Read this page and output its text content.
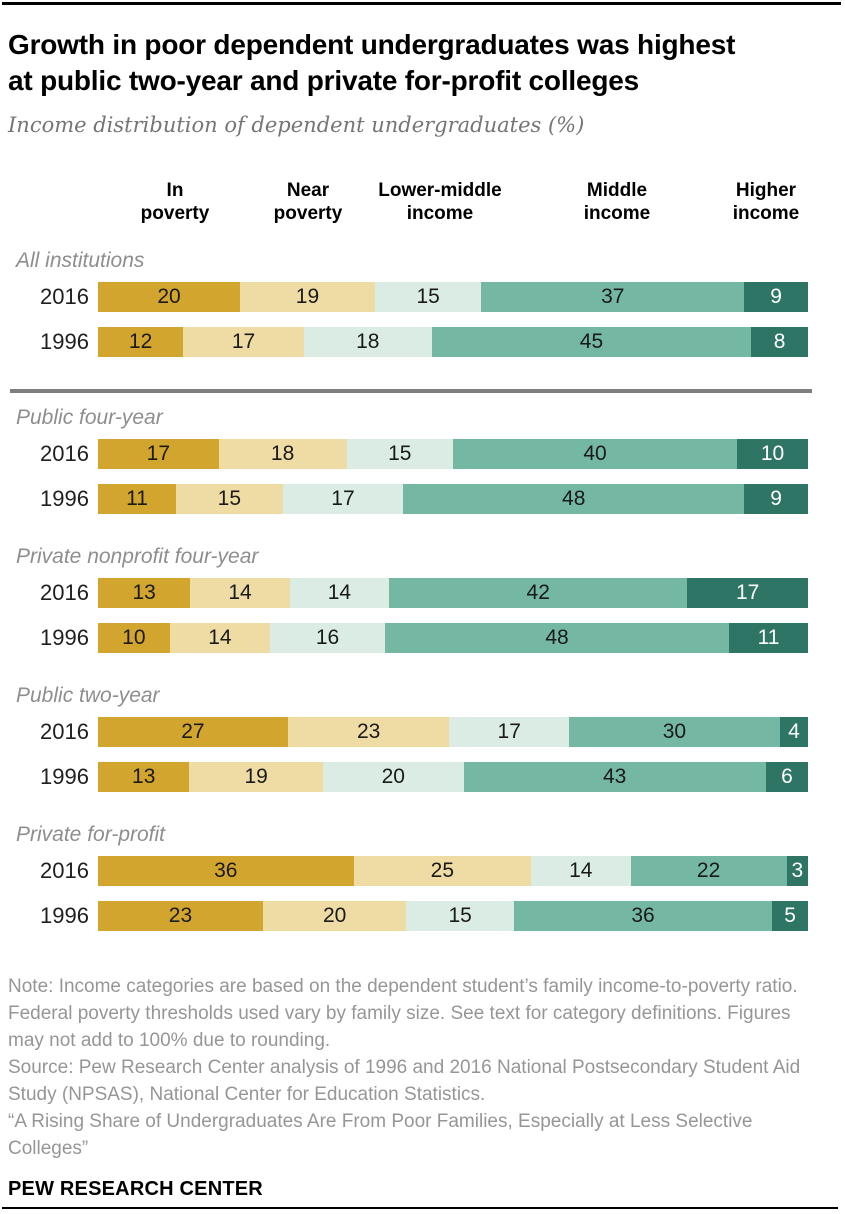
Growth in poor dependent undergraduates was highest at public two-year and private for-profit colleges
Income distribution of dependent undergraduates (%)
In
poverty
Near
poverty
Lower-middle
income
Middle
income
Higher
income
All institutions
2016	20	19	15	37	9
1996	12	17	18	45	8
Public four-year
2016	17	18	15	40	10
1996	11	15	17	48	9
Private nonprofit four-year
2016	13	14	14	42	17
1996	10	14	16	48	11
Public two-year
2016	27	23	17	30	4
1996	13	19	20	43	6
Private for-profit
2016	36	25	14	22	3
1996	23	20	15	36	5

Note: Income categories are based on the dependent student’s family income-to-poverty ratio. Federal poverty thresholds used vary by family size. See text for category definitions. Figures may not add to 100% due to rounding.

Source: Pew Research Center analysis of 1996 and 2016 National Postsecondary Student Aid Study (NPSAS), National Center for Education Statistics.

“A Rising Share of Undergraduates Are From Poor Families, Especially at Less Selective Colleges”

PEW RESEARCH CENTER
